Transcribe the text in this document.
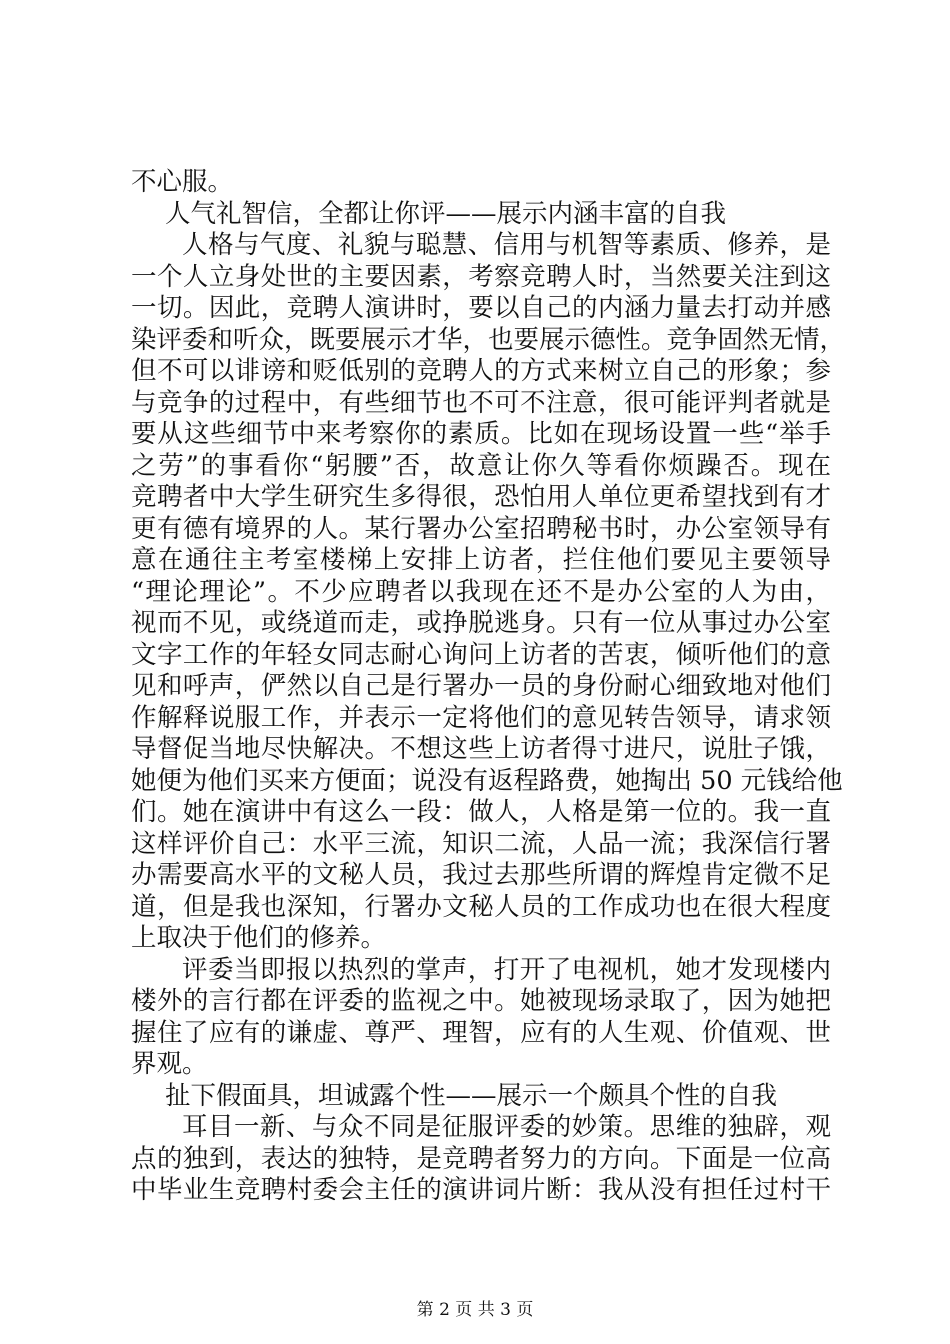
不心服。
人气礼智信，全都让你评——展示内涵丰富的自我
人格与气度、礼貌与聪慧、信用与机智等素质、修养，是
一个人立身处世的主要因素，考察竞聘人时，当然要关注到这
一切。因此，竞聘人演讲时，要以自己的内涵力量去打动并感
染评委和听众，既要展示才华，也要展示德性。竞争固然无情，
但不可以诽谤和贬低别的竞聘人的方式来树立自己的形象；参
与竞争的过程中，有些细节也不可不注意，很可能评判者就是
要从这些细节中来考察你的素质。比如在现场设置一些“举手
之劳”的事看你“躬腰”否，故意让你久等看你烦躁否。现在
竞聘者中大学生研究生多得很，恐怕用人单位更希望找到有才
更有德有境界的人。某行署办公室招聘秘书时，办公室领导有
意在通往主考室楼梯上安排上访者，拦住他们要见主要领导
“理论理论”。不少应聘者以我现在还不是办公室的人为由，
视而不见，或绕道而走，或挣脱逃身。只有一位从事过办公室
文字工作的年轻女同志耐心询问上访者的苦衷，倾听他们的意
见和呼声，俨然以自己是行署办一员的身份耐心细致地对他们
作解释说服工作，并表示一定将他们的意见转告领导，请求领
导督促当地尽快解决。不想这些上访者得寸进尺，说肚子饿，
她便为他们买来方便面；说没有返程路费，她掏出 50 元钱给他
们。她在演讲中有这么一段：做人，人格是第一位的。我一直
这样评价自己：水平三流，知识二流，人品一流；我深信行署
办需要高水平的文秘人员，我过去那些所谓的辉煌肯定微不足
道，但是我也深知，行署办文秘人员的工作成功也在很大程度
上取决于他们的修养。
评委当即报以热烈的掌声，打开了电视机，她才发现楼内
楼外的言行都在评委的监视之中。她被现场录取了，因为她把
握住了应有的谦虚、尊严、理智，应有的人生观、价值观、世
界观。
扯下假面具，坦诚露个性——展示一个颇具个性的自我
耳目一新、与众不同是征服评委的妙策。思维的独辟，观
点的独到，表达的独特，是竞聘者努力的方向。下面是一位高
中毕业生竞聘村委会主任的演讲词片断：我从没有担任过村干
第 2 页 共 3 页
